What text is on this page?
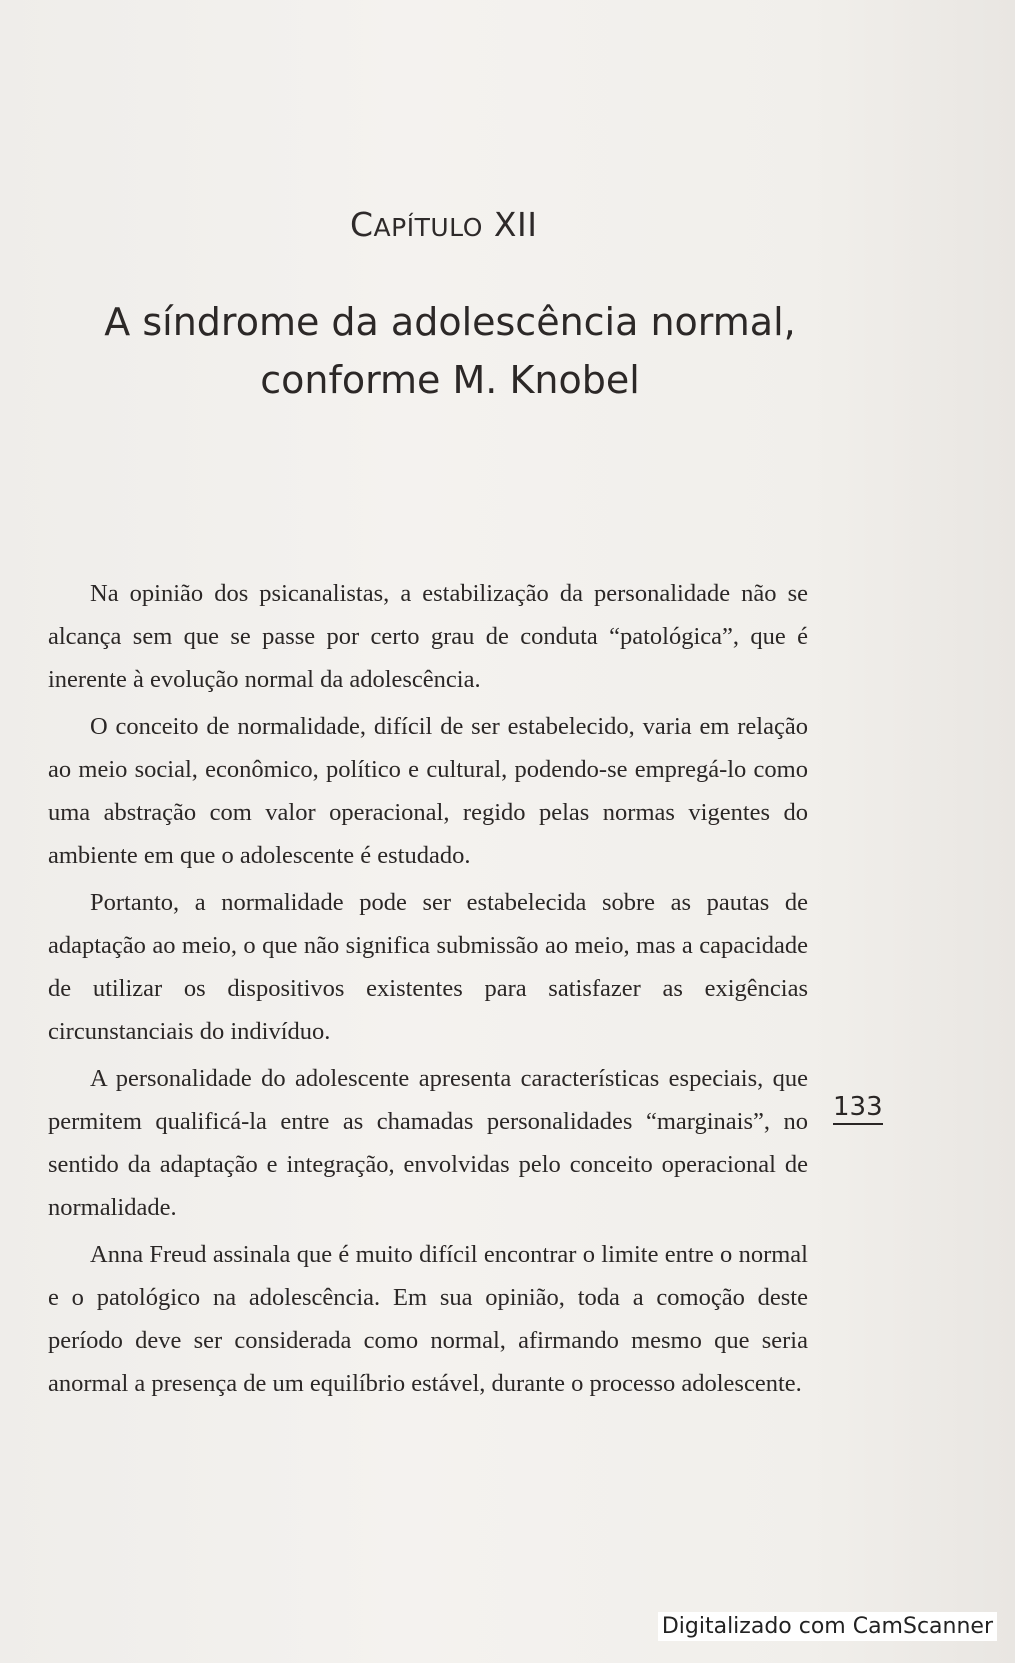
CAPÍTULO XII
A síndrome da adolescência normal,
conforme M. Knobel

Na opinião dos psicanalistas, a estabilização da personalidade não se alcança sem que se passe por certo grau de conduta “patológica”, que é inerente à evolução normal da adolescência.

O conceito de normalidade, difícil de ser estabelecido, varia em relação ao meio social, econômico, político e cultural, podendo-se empregá-lo como uma abstração com valor operacional, regido pelas normas vigentes do ambiente em que o adolescente é estudado.

Portanto, a normalidade pode ser estabelecida sobre as pautas de adaptação ao meio, o que não significa submissão ao meio, mas a capacidade de utilizar os dispositivos existentes para satisfazer as exigências circunstanciais do indivíduo.

A personalidade do adolescente apresenta características especiais, que permitem qualificá-la entre as chamadas personalidades “marginais”, no sentido da adaptação e integração, envolvidas pelo conceito operacional de normalidade.

Anna Freud assinala que é muito difícil encontrar o limite entre o normal e o patológico na adolescência. Em sua opinião, toda a comoção deste período deve ser considerada como normal, afirmando mesmo que seria anormal a presença de um equilíbrio estável, durante o processo adolescente.

133
Digitalizado com CamScanner
